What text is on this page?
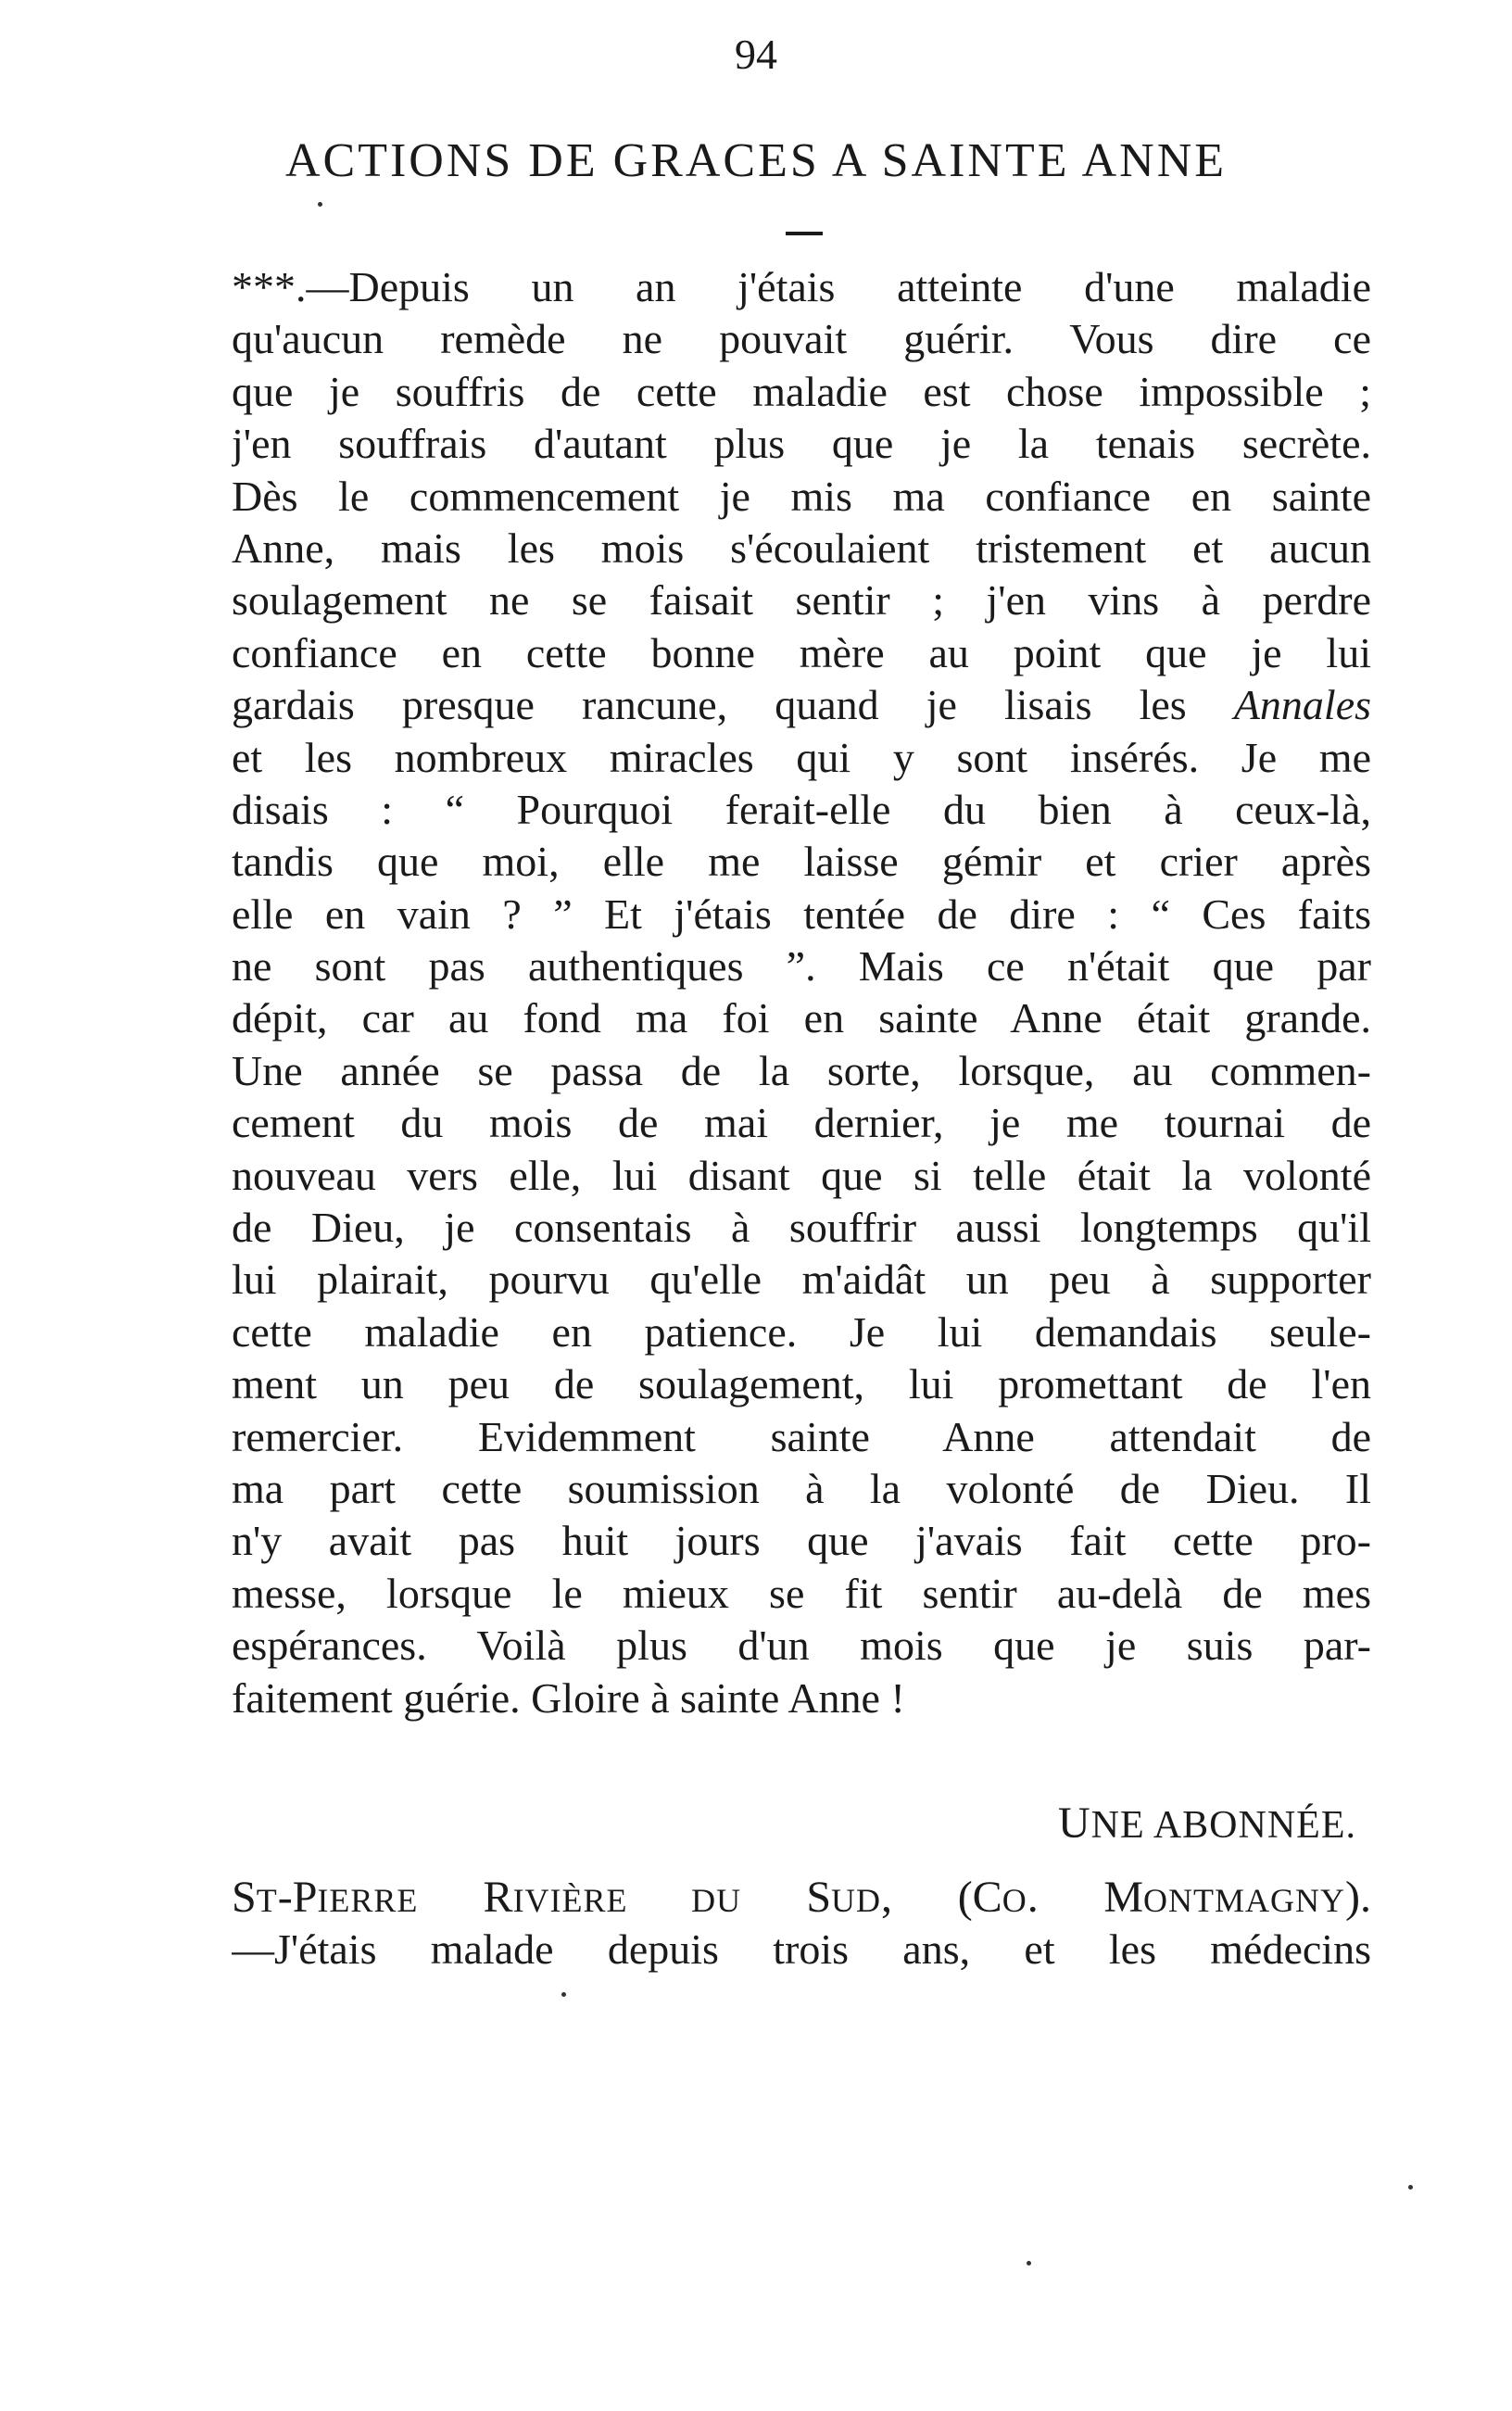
94
ACTIONS DE GRACES A SAINTE ANNE
***.—Depuis un an j'étais atteinte d'une maladie
qu'aucun remède ne pouvait guérir. Vous dire ce
que je souffris de cette maladie est chose impossible ;
j'en souffrais d'autant plus que je la tenais secrète.
Dès le commencement je mis ma confiance en sainte
Anne, mais les mois s'écoulaient tristement et aucun
soulagement ne se faisait sentir ; j'en vins à perdre
confiance en cette bonne mère au point que je lui
gardais presque rancune, quand je lisais les Annales
et les nombreux miracles qui y sont insérés. Je me
disais : “ Pourquoi ferait-elle du bien à ceux-là,
tandis que moi, elle me laisse gémir et crier après
elle en vain ? ” Et j'étais tentée de dire : “ Ces faits
ne sont pas authentiques ”. Mais ce n'était que par
dépit, car au fond ma foi en sainte Anne était grande.
Une année se passa de la sorte, lorsque, au commen-
cement du mois de mai dernier, je me tournai de
nouveau vers elle, lui disant que si telle était la volonté
de Dieu, je consentais à souffrir aussi longtemps qu'il
lui plairait, pourvu qu'elle m'aidât un peu à supporter
cette maladie en patience. Je lui demandais seule-
ment un peu de soulagement, lui promettant de l'en
remercier. Evidemment sainte Anne attendait de
ma part cette soumission à la volonté de Dieu. Il
n'y avait pas huit jours que j'avais fait cette pro-
messe, lorsque le mieux se fit sentir au-delà de mes
espérances. Voilà plus d'un mois que je suis par-
faitement guérie. Gloire à sainte Anne !
UNE ABONNÉE.
ST-PIERRE RIVIÈRE DU SUD, (CO. MONTMAGNY).
—J'étais malade depuis trois ans, et les médecins
